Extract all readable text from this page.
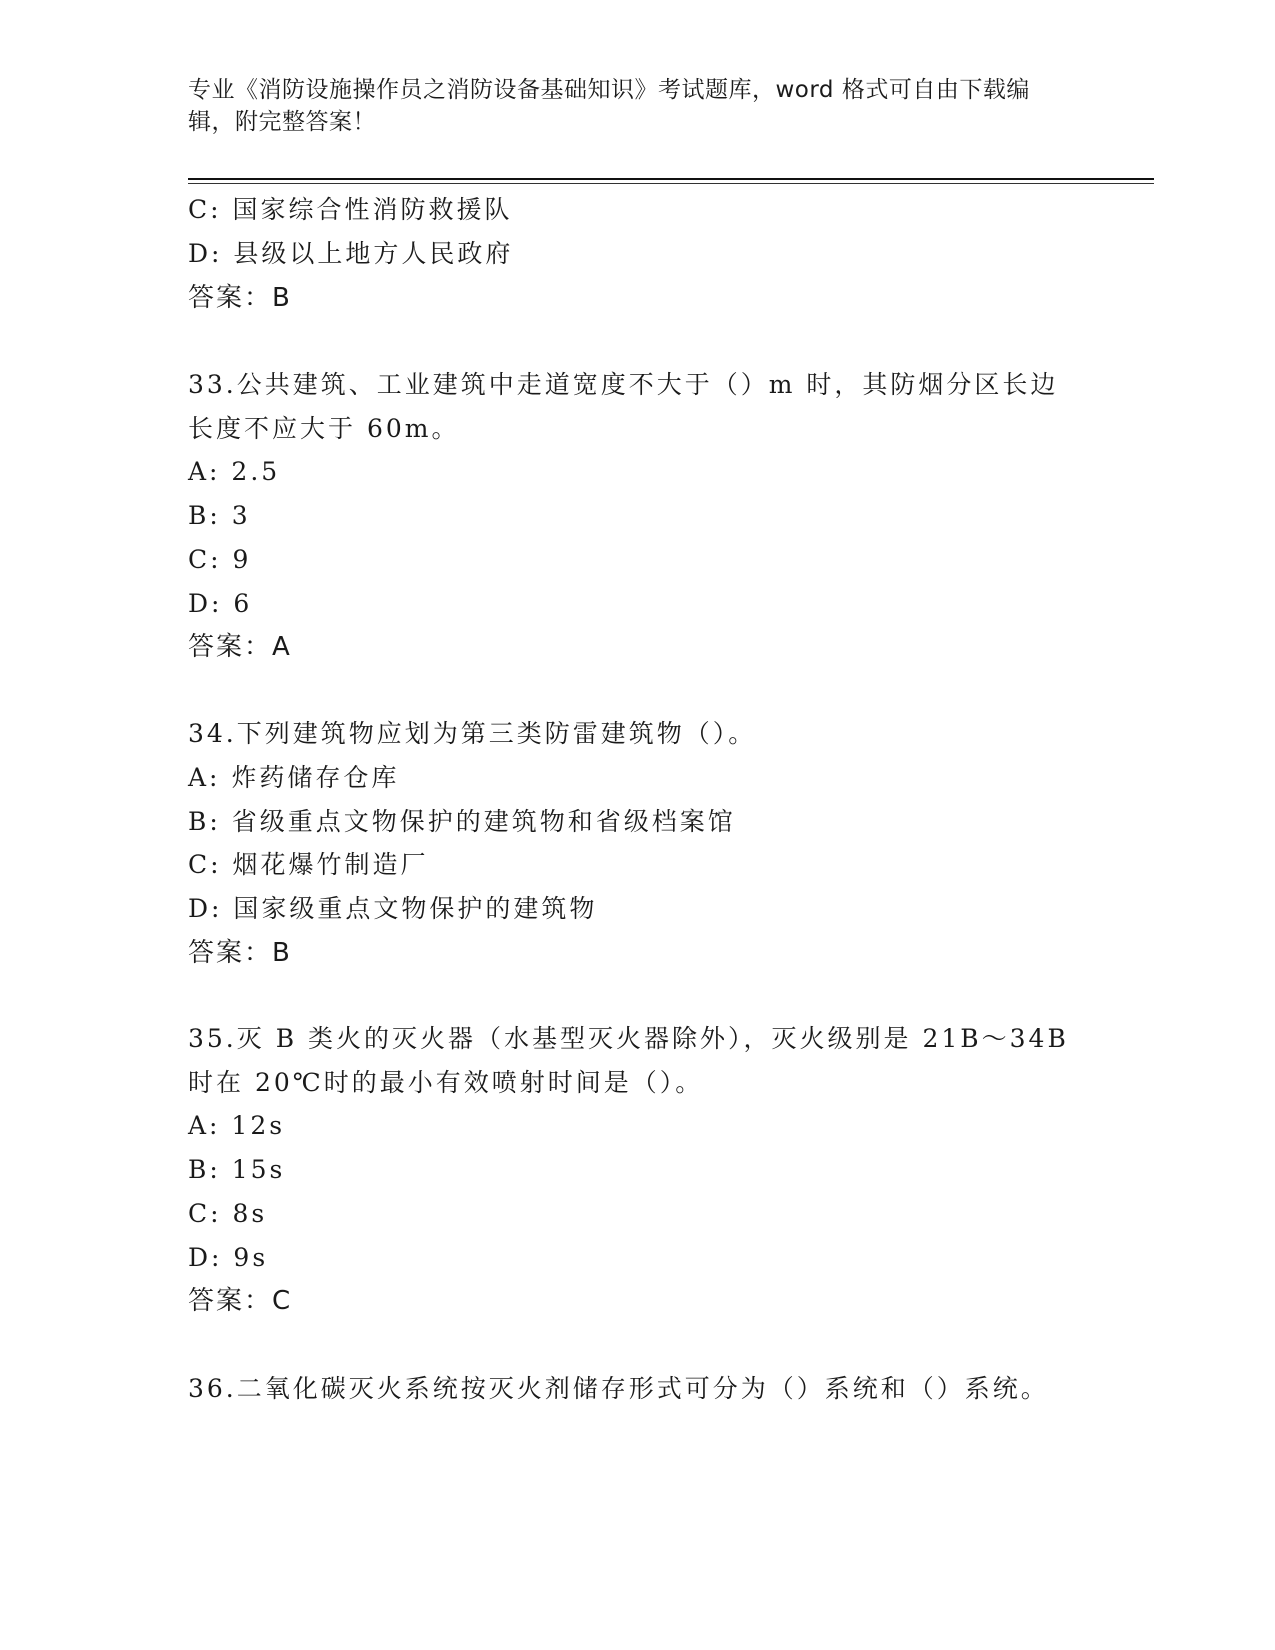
专业《消防设施操作员之消防设备基础知识》考试题库，word 格式可自由下载编
辑，附完整答案！
C: 国家综合性消防救援队
D: 县级以上地方人民政府
答案：B
33.公共建筑、工业建筑中走道宽度不大于（）m 时，其防烟分区长边
长度不应大于 60m。
A: 2.5
B: 3
C: 9
D: 6
答案：A
34.下列建筑物应划为第三类防雷建筑物（）。
A: 炸药储存仓库
B: 省级重点文物保护的建筑物和省级档案馆
C: 烟花爆竹制造厂
D: 国家级重点文物保护的建筑物
答案：B
35.灭 B 类火的灭火器（水基型灭火器除外），灭火级别是 21B～34B
时在 20℃时的最小有效喷射时间是（）。
A: 12s
B: 15s
C: 8s
D: 9s
答案：C
36.二氧化碳灭火系统按灭火剂储存形式可分为（）系统和（）系统。
